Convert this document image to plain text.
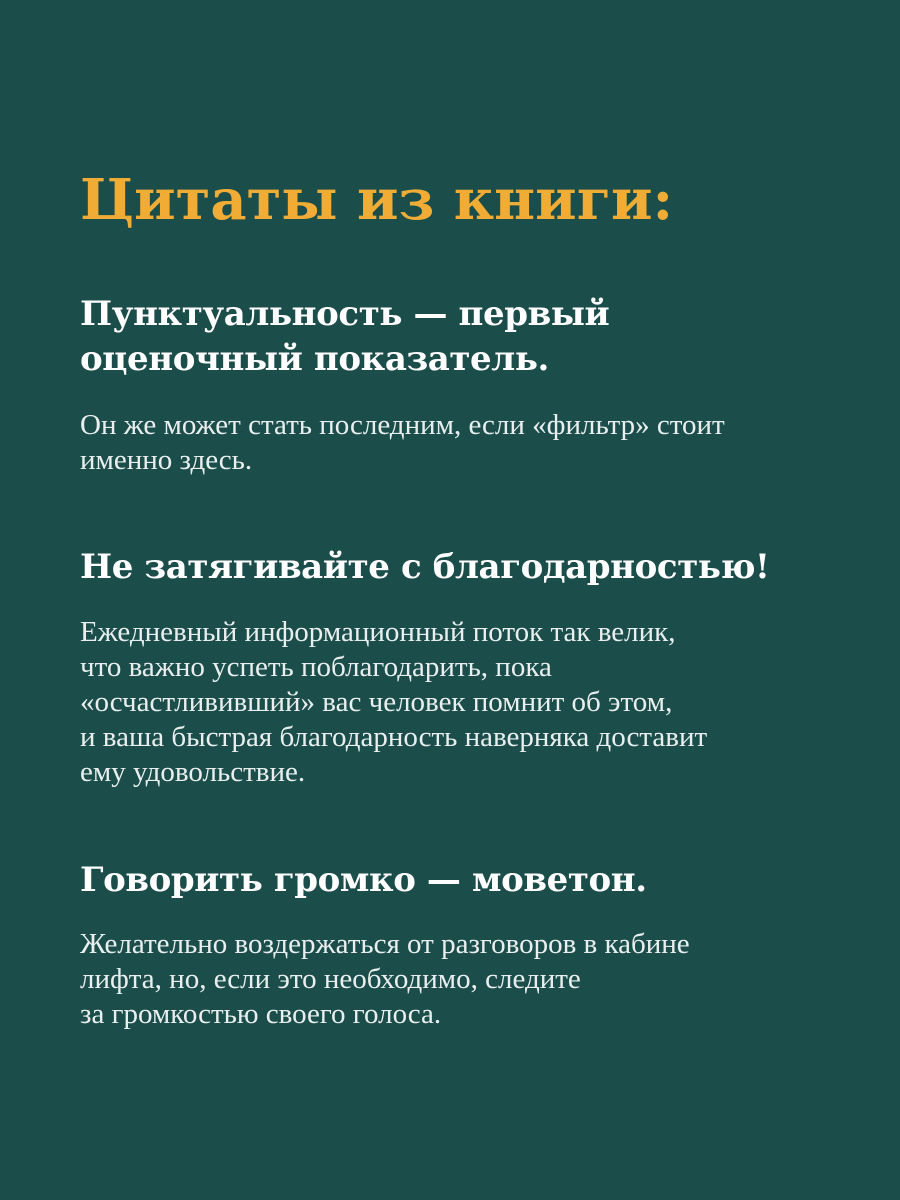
Цитаты из книги:
Пунктуальность — первый
оценочный показатель.

Он же может стать последним, если «фильтр» стоит
именно здесь.

Не затягивайте с благодарностью!

Ежедневный информационный поток так велик,
что важно успеть поблагодарить, пока
«осчастлививший» вас человек помнит об этом,
и ваша быстрая благодарность наверняка доставит
ему удовольствие.

Говорить громко — моветон.

Желательно воздержаться от разговоров в кабине
лифта, но, если это необходимо, следите
за громкостью своего голоса.
